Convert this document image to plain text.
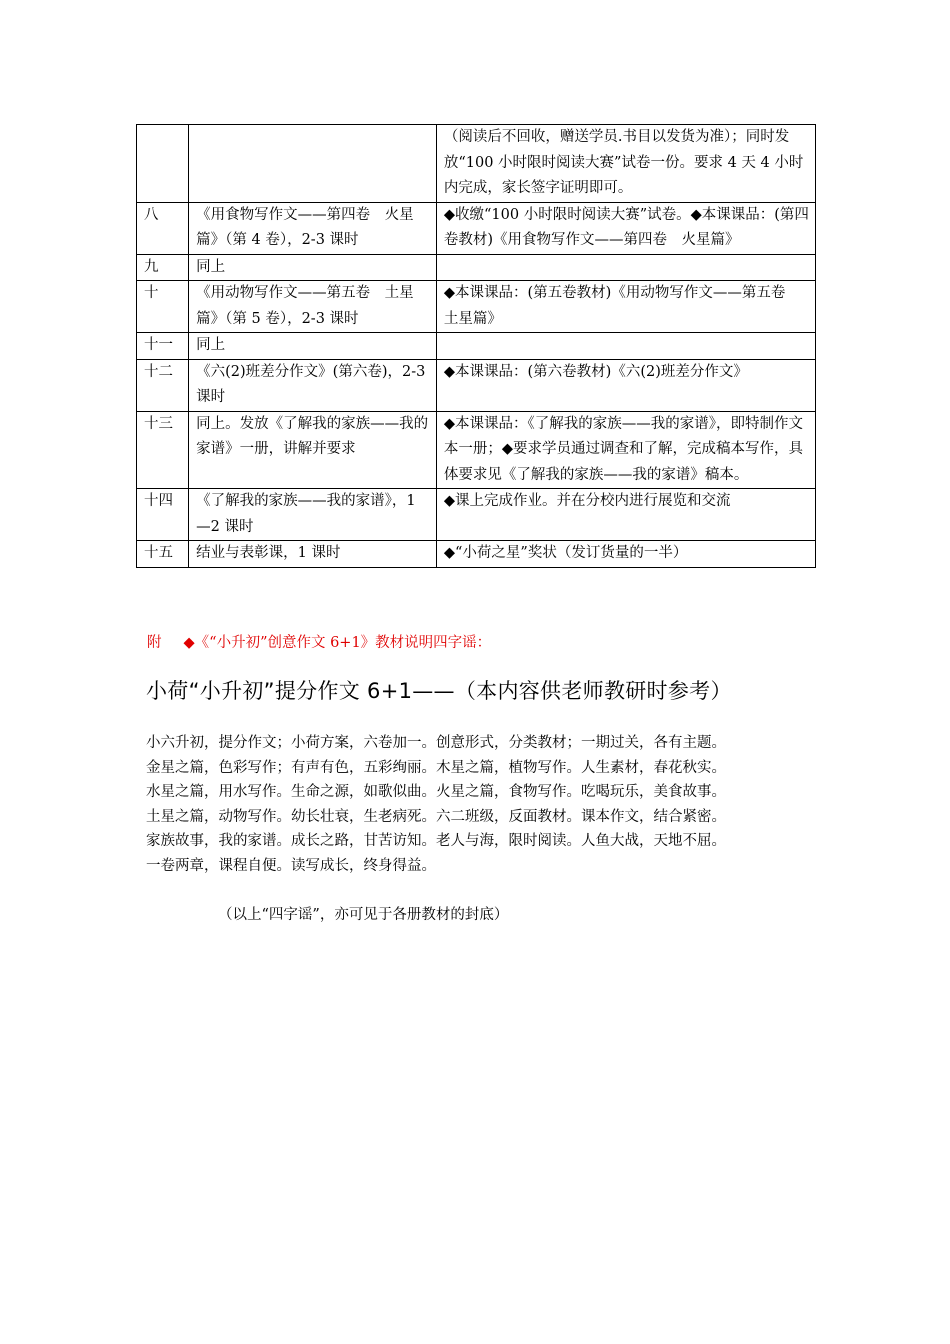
		（阅读后不回收，赠送学员.书目以发货为准）；同时发放“100 小时限时阅读大赛”试卷一份。要求 4 天 4 小时内完成，家长签字证明即可。
八	《用食物写作文——第四卷　火星篇》（第 4 卷），2-3 课时	◆收缴“100 小时限时阅读大赛”试卷。◆本课课品：(第四卷教材)《用食物写作文——第四卷　火星篇》
九	同上	
十	《用动物写作文——第五卷　土星篇》（第 5 卷），2-3 课时	◆本课课品：(第五卷教材)《用动物写作文——第五卷　土星篇》
十一	同上	
十二	《六(2)班差分作文》(第六卷)，2-3 课时	◆本课课品：(第六卷教材)《六(2)班差分作文》
十三	同上。发放《了解我的家族——我的家谱》一册，讲解并要求	◆本课课品：《了解我的家族——我的家谱》，即特制作文本一册；◆要求学员通过调查和了解，完成稿本写作，具体要求见《了解我的家族——我的家谱》稿本。
十四	《了解我的家族——我的家谱》，1—2 课时	◆课上完成作业。并在分校内进行展览和交流
十五	结业与表彰课，1 课时	◆“小荷之星”奖状（发订货量的一半）
附 ◆《“小升初”创意作文 6+1》教材说明四字谣：
小荷“小升初”提分作文 6+1——（本内容供老师教研时参考）
小六升初，提分作文；小荷方案，六卷加一。创意形式，分类教材；一期过关，各有主题。
金星之篇，色彩写作；有声有色，五彩绚丽。木星之篇，植物写作。人生素材，春花秋实。
水星之篇，用水写作。生命之源，如歌似曲。火星之篇，食物写作。吃喝玩乐，美食故事。
土星之篇，动物写作。幼长壮衰，生老病死。六二班级，反面教材。课本作文，结合紧密。
家族故事，我的家谱。成长之路，甘苦访知。老人与海，限时阅读。人鱼大战，天地不屈。
一卷两章，课程自便。读写成长，终身得益。
（以上“四字谣”，亦可见于各册教材的封底）
